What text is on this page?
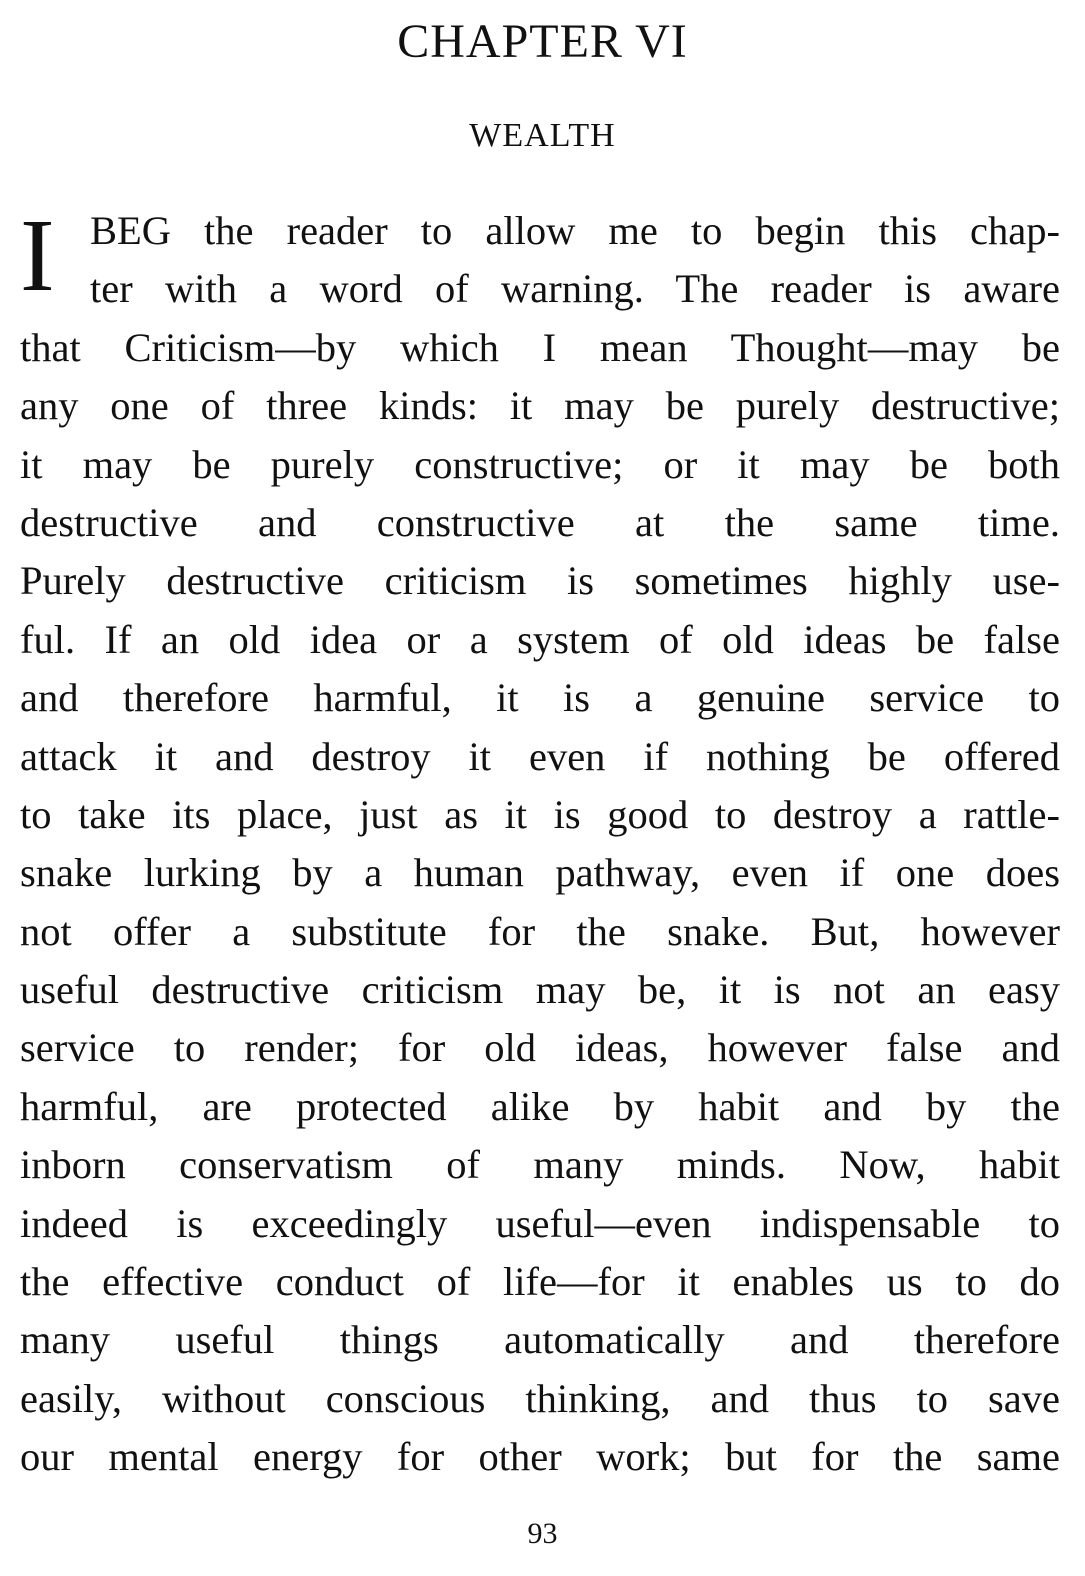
CHAPTER VI
WEALTH
I BEG the reader to allow me to begin this chap-
ter with a word of warning. The reader is aware
that Criticism—by which I mean Thought—may be
any one of three kinds: it may be purely destructive;
it may be purely constructive; or it may be both
destructive and constructive at the same time.
Purely destructive criticism is sometimes highly use-
ful. If an old idea or a system of old ideas be false
and therefore harmful, it is a genuine service to
attack it and destroy it even if nothing be offered
to take its place, just as it is good to destroy a rattle-
snake lurking by a human pathway, even if one does
not offer a substitute for the snake. But, however
useful destructive criticism may be, it is not an easy
service to render; for old ideas, however false and
harmful, are protected alike by habit and by the
inborn conservatism of many minds. Now, habit
indeed is exceedingly useful—even indispensable to
the effective conduct of life—for it enables us to do
many useful things automatically and therefore
easily, without conscious thinking, and thus to save
our mental energy for other work; but for the same
93
